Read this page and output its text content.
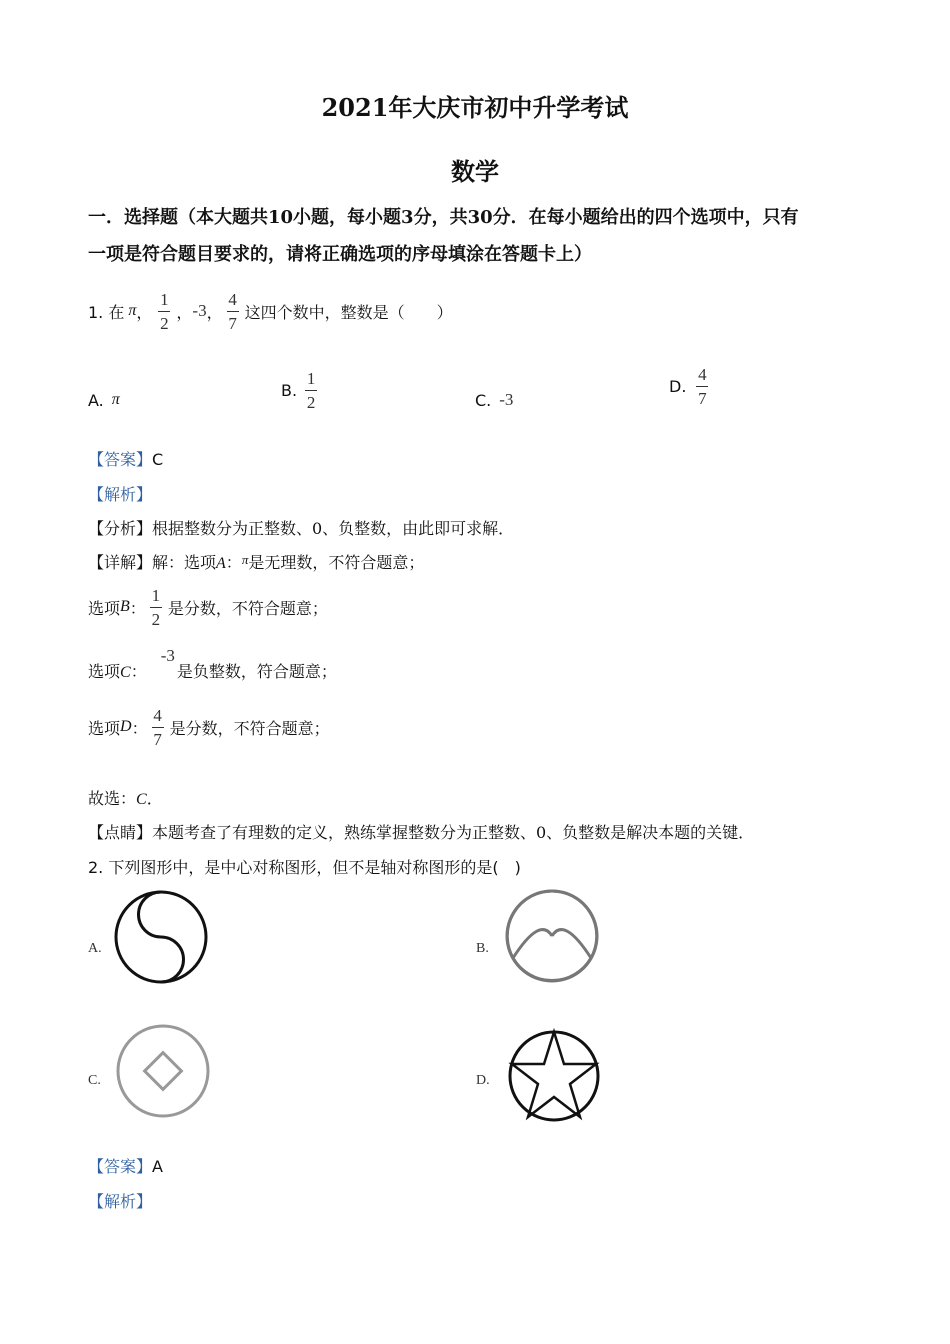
2021年大庆市初中升学考试
数学
一．选择题（本大题共10小题，每小题3分，共30分．在每小题给出的四个选项中，只有
一项是符合题目要求的，请将正确选项的序母填涂在答题卡上）
1. 在 π ， $\frac{1}{2}$ ， -3 ， $\frac{4}{7}$ 这四个数中，整数是（　　）
A. π	B. $\frac{1}{2}$	C. -3
D. $\frac{4}{7}$
【答案】C
【解析】
【分析】根据整数分为正整数、0、负整数，由此即可求解．
【详解】解：选项A：$^\pi$是无理数，不符合题意；
选项 B ： $\frac{1}{2}$ 是分数，不符合题意；
选项 C ：
-3
是负整数，符合题意；
选项 D ： $\frac{4}{7}$ 是分数，不符合题意；
故选：C．
【点睛】本题考查了有理数的定义，熟练掌握整数分为正整数、0、负整数是解决本题的关键．
2. 下列图形中，是中心对称图形，但不是轴对称图形的是(　)
A.	B.
C.	D.
【答案】A
【解析】
